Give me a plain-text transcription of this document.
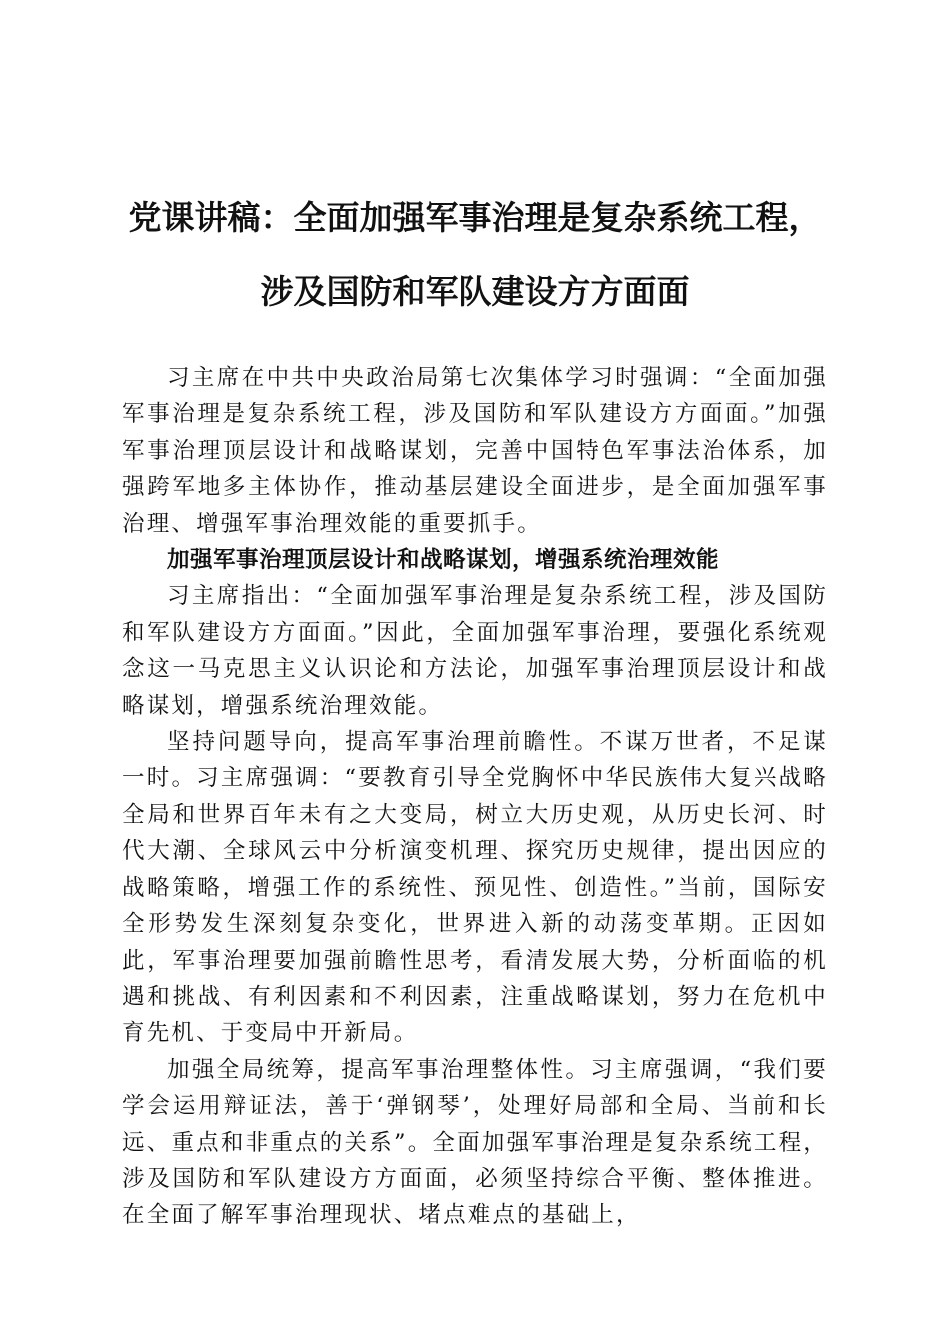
党课讲稿：全面加强军事治理是复杂系统工程，
涉及国防和军队建设方方面面

习主席在中共中央政治局第七次集体学习时强调：“全面加强军事治理是复杂系统工程，涉及国防和军队建设方方面面。”加强军事治理顶层设计和战略谋划，完善中国特色军事法治体系，加强跨军地多主体协作，推动基层建设全面进步，是全面加强军事治理、增强军事治理效能的重要抓手。

加强军事治理顶层设计和战略谋划，增强系统治理效能

习主席指出：“全面加强军事治理是复杂系统工程，涉及国防和军队建设方方面面。”因此，全面加强军事治理，要强化系统观念这一马克思主义认识论和方法论，加强军事治理顶层设计和战略谋划，增强系统治理效能。

坚持问题导向，提高军事治理前瞻性。不谋万世者，不足谋一时。习主席强调：“要教育引导全党胸怀中华民族伟大复兴战略全局和世界百年未有之大变局，树立大历史观，从历史长河、时代大潮、全球风云中分析演变机理、探究历史规律，提出因应的战略策略，增强工作的系统性、预见性、创造性。”当前，国际安全形势发生深刻复杂变化，世界进入新的动荡变革期。正因如此，军事治理要加强前瞻性思考，看清发展大势，分析面临的机遇和挑战、有利因素和不利因素，注重战略谋划，努力在危机中育先机、于变局中开新局。

加强全局统筹，提高军事治理整体性。习主席强调，“我们要学会运用辩证法，善于‘弹钢琴’，处理好局部和全局、当前和长远、重点和非重点的关系”。全面加强军事治理是复杂系统工程，涉及国防和军队建设方方面面，必须坚持综合平衡、整体推进。在全面了解军事治理现状、堵点难点的基础上，
